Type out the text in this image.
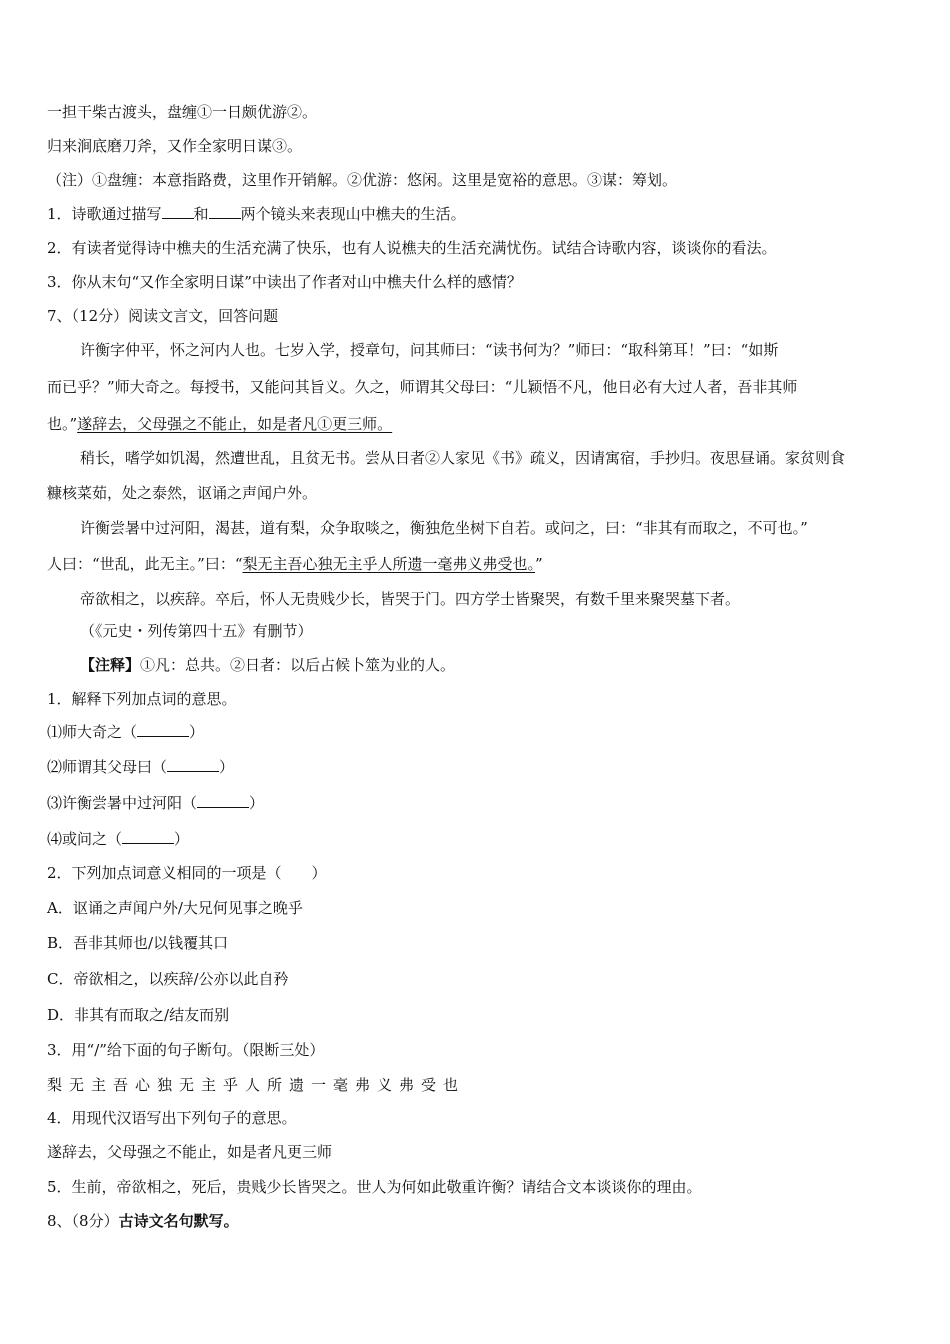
一担干柴古渡头，盘缠①一日颇优游②。
归来涧底磨刀斧，又作全家明日谋③。
（注）①盘缠：本意指路费，这里作开销解。②优游：悠闲。这里是宽裕的意思。③谋：筹划。
1．诗歌通过描写 和 两个镜头来表现山中樵夫的生活。
2．有读者觉得诗中樵夫的生活充满了快乐，也有人说樵夫的生活充满忧伤。试结合诗歌内容，谈谈你的看法。
3．你从末句“又作全家明日谋”中读出了作者对山中樵夫什么样的感情？
7、（12分）阅读文言文，回答问题
许衡字仲平，怀之河内人也。七岁入学，授章句，问其师曰：“读书何为？”师曰：“取科第耳！”曰：“如斯
而已乎？”师大奇之。每授书，又能问其旨义。久之，师谓其父母曰：“儿颖悟不凡，他日必有大过人者，吾非其师
也。”遂辞去，父母强之不能止，如是者凡①更三师。
稍长，嗜学如饥渴，然遭世乱，且贫无书。尝从日者②人家见《书》疏义，因请寓宿，手抄归。夜思昼诵。家贫则食
糠核菜茹，处之泰然，讴诵之声闻户外。
许衡尝暑中过河阳，渴甚，道有梨，众争取啖之，衡独危坐树下自若。或问之，曰：“非其有而取之，不可也。”
人曰：“世乱，此无主。”曰：“梨无主吾心独无主乎人所遗一毫弗义弗受也。”
帝欲相之，以疾辞。卒后，怀人无贵贱少长，皆哭于门。四方学士皆聚哭，有数千里来聚哭墓下者。
（《元史・列传第四十五》有删节）
【注释】①凡：总共。②日者：以后占候卜筮为业的人。
1．解释下列加点词的意思。
⑴师大奇之（	）
⑵师谓其父母曰（	）
⑶许衡尝暑中过河阳（	）
⑷或问之（	）
2．下列加点词意义相同的一项是（　　）
A．讴诵之声闻户外/大兄何见事之晚乎
B．吾非其师也/以钱覆其口
C．帝欲相之，以疾辞/公亦以此自矜
D．非其有而取之/结友而别
3．用“/”给下面的句子断句。（限断三处）
梨无主吾心独无主乎人所遗一毫弗义弗受也
4．用现代汉语写出下列句子的意思。
遂辞去，父母强之不能止，如是者凡更三师
5．生前，帝欲相之，死后，贵贱少长皆哭之。世人为何如此敬重许衡？请结合文本谈谈你的理由。
8、（8分）古诗文名句默写。
